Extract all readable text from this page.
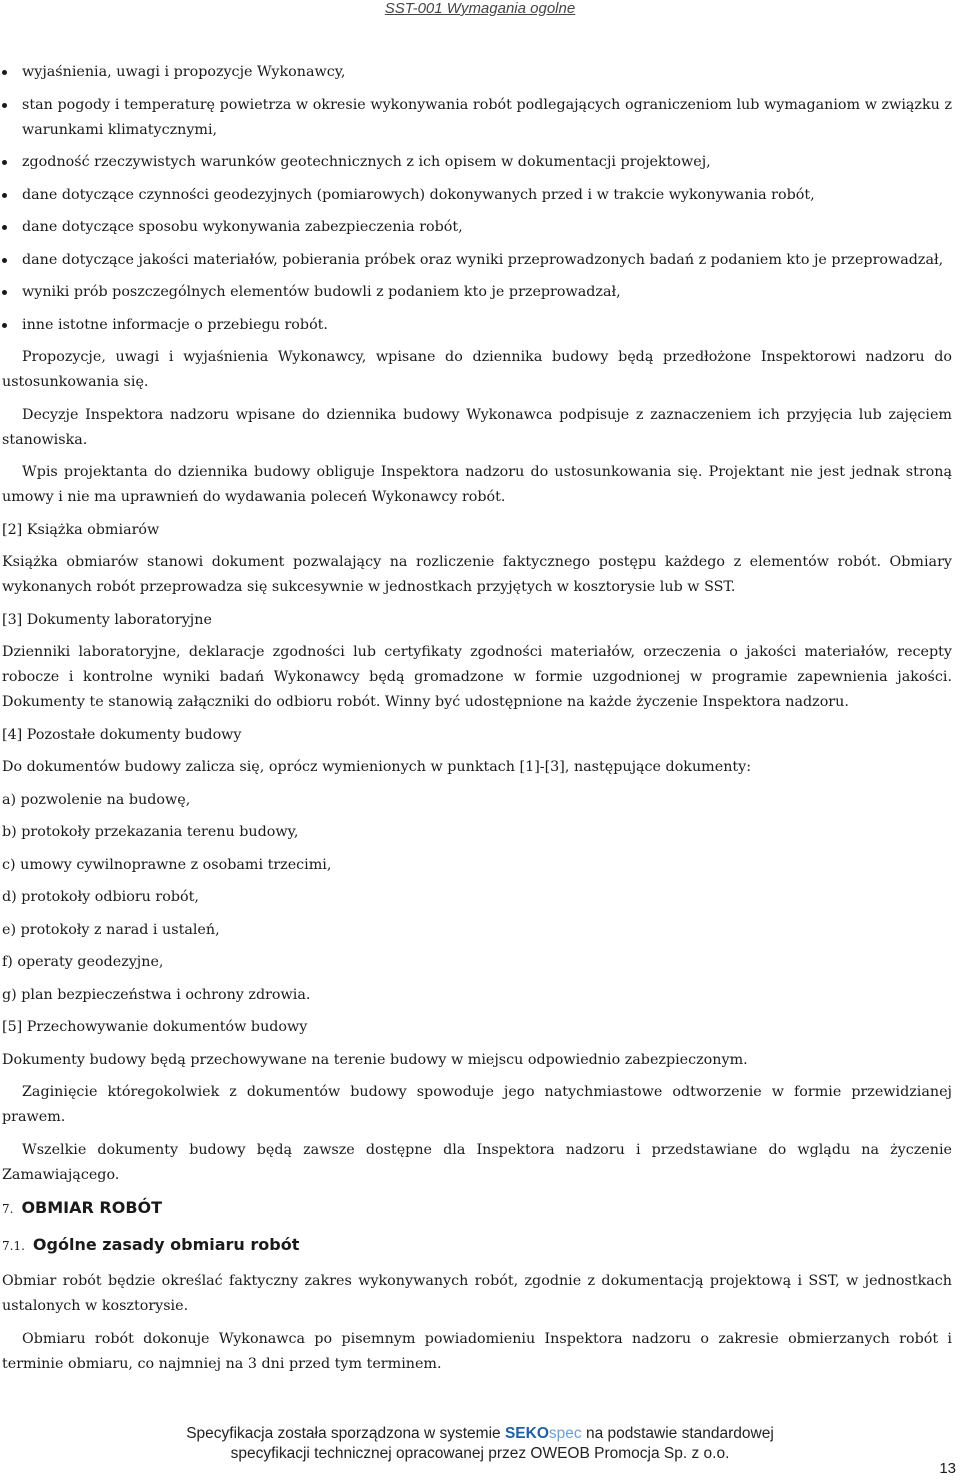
SST-001 Wymagania ogolne
wyjaśnienia, uwagi i propozycje Wykonawcy,
stan pogody i temperaturę powietrza w okresie wykonywania robót podlegających ograniczeniom lub wymaganiom w związku z warunkami klimatycznymi,
zgodność rzeczywistych warunków geotechnicznych z ich opisem w dokumentacji projektowej,
dane dotyczące czynności geodezyjnych (pomiarowych) dokonywanych przed i w trakcie wykonywania robót,
dane dotyczące sposobu wykonywania zabezpieczenia robót,
dane dotyczące jakości materiałów, pobierania próbek oraz wyniki przeprowadzonych badań z podaniem kto je przeprowadzał,
wyniki prób poszczególnych elementów budowli z podaniem kto je przeprowadzał,
inne istotne informacje o przebiegu robót.

Propozycje, uwagi i wyjaśnienia Wykonawcy, wpisane do dziennika budowy będą przedłożone Inspektorowi nadzoru do ustosunkowania się.

Decyzje Inspektora nadzoru wpisane do dziennika budowy Wykonawca podpisuje z zaznaczeniem ich przyjęcia lub zajęciem stanowiska.

Wpis projektanta do dziennika budowy obliguje Inspektora nadzoru do ustosunkowania się. Projektant nie jest jednak stroną umowy i nie ma uprawnień do wydawania poleceń Wykonawcy robót.

[2] Książka obmiarów

Książka obmiarów stanowi dokument pozwalający na rozliczenie faktycznego postępu każdego z elementów robót. Obmiary wykonanych robót przeprowadza się sukcesywnie w jednostkach przyjętych w kosztorysie lub w SST.

[3] Dokumenty laboratoryjne

Dzienniki laboratoryjne, deklaracje zgodności lub certyfikaty zgodności materiałów, orzeczenia o jakości materiałów, recepty robocze i kontrolne wyniki badań Wykonawcy będą gromadzone w formie uzgodnionej w programie zapewnienia jakości. Dokumenty te stanowią załączniki do odbioru robót. Winny być udostępnione na każde życzenie Inspektora nadzoru.

[4] Pozostałe dokumenty budowy

Do dokumentów budowy zalicza się, oprócz wymienionych w punktach [1]-[3], następujące dokumenty:

a) pozwolenie na budowę,
b) protokoły przekazania terenu budowy,
c) umowy cywilnoprawne z osobami trzecimi,
d) protokoły odbioru robót,
e) protokoły z narad i ustaleń,
f) operaty geodezyjne,
g) plan bezpieczeństwa i ochrony zdrowia.

[5] Przechowywanie dokumentów budowy

Dokumenty budowy będą przechowywane na terenie budowy w miejscu odpowiednio zabezpieczonym.

Zaginięcie któregokolwiek z dokumentów budowy spowoduje jego natychmiastowe odtworzenie w formie przewidzianej prawem.

Wszelkie dokumenty budowy będą zawsze dostępne dla Inspektora nadzoru i przedstawiane do wglądu na życzenie Zamawiającego.

7. OBMIAR ROBÓT
7.1. Ogólne zasady obmiaru robót

Obmiar robót będzie określać faktyczny zakres wykonywanych robót, zgodnie z dokumentacją projektową i SST, w jednostkach ustalonych w kosztorysie.

Obmiaru robót dokonuje Wykonawca po pisemnym powiadomieniu Inspektora nadzoru o zakresie obmierzanych robót i terminie obmiaru, co najmniej na 3 dni przed tym terminem.

Specyfikacja została sporządzona w systemie SEKOspec na podstawie standardowej
specyfikacji technicznej opracowanej przez OWEOB Promocja Sp. z o.o.
13
